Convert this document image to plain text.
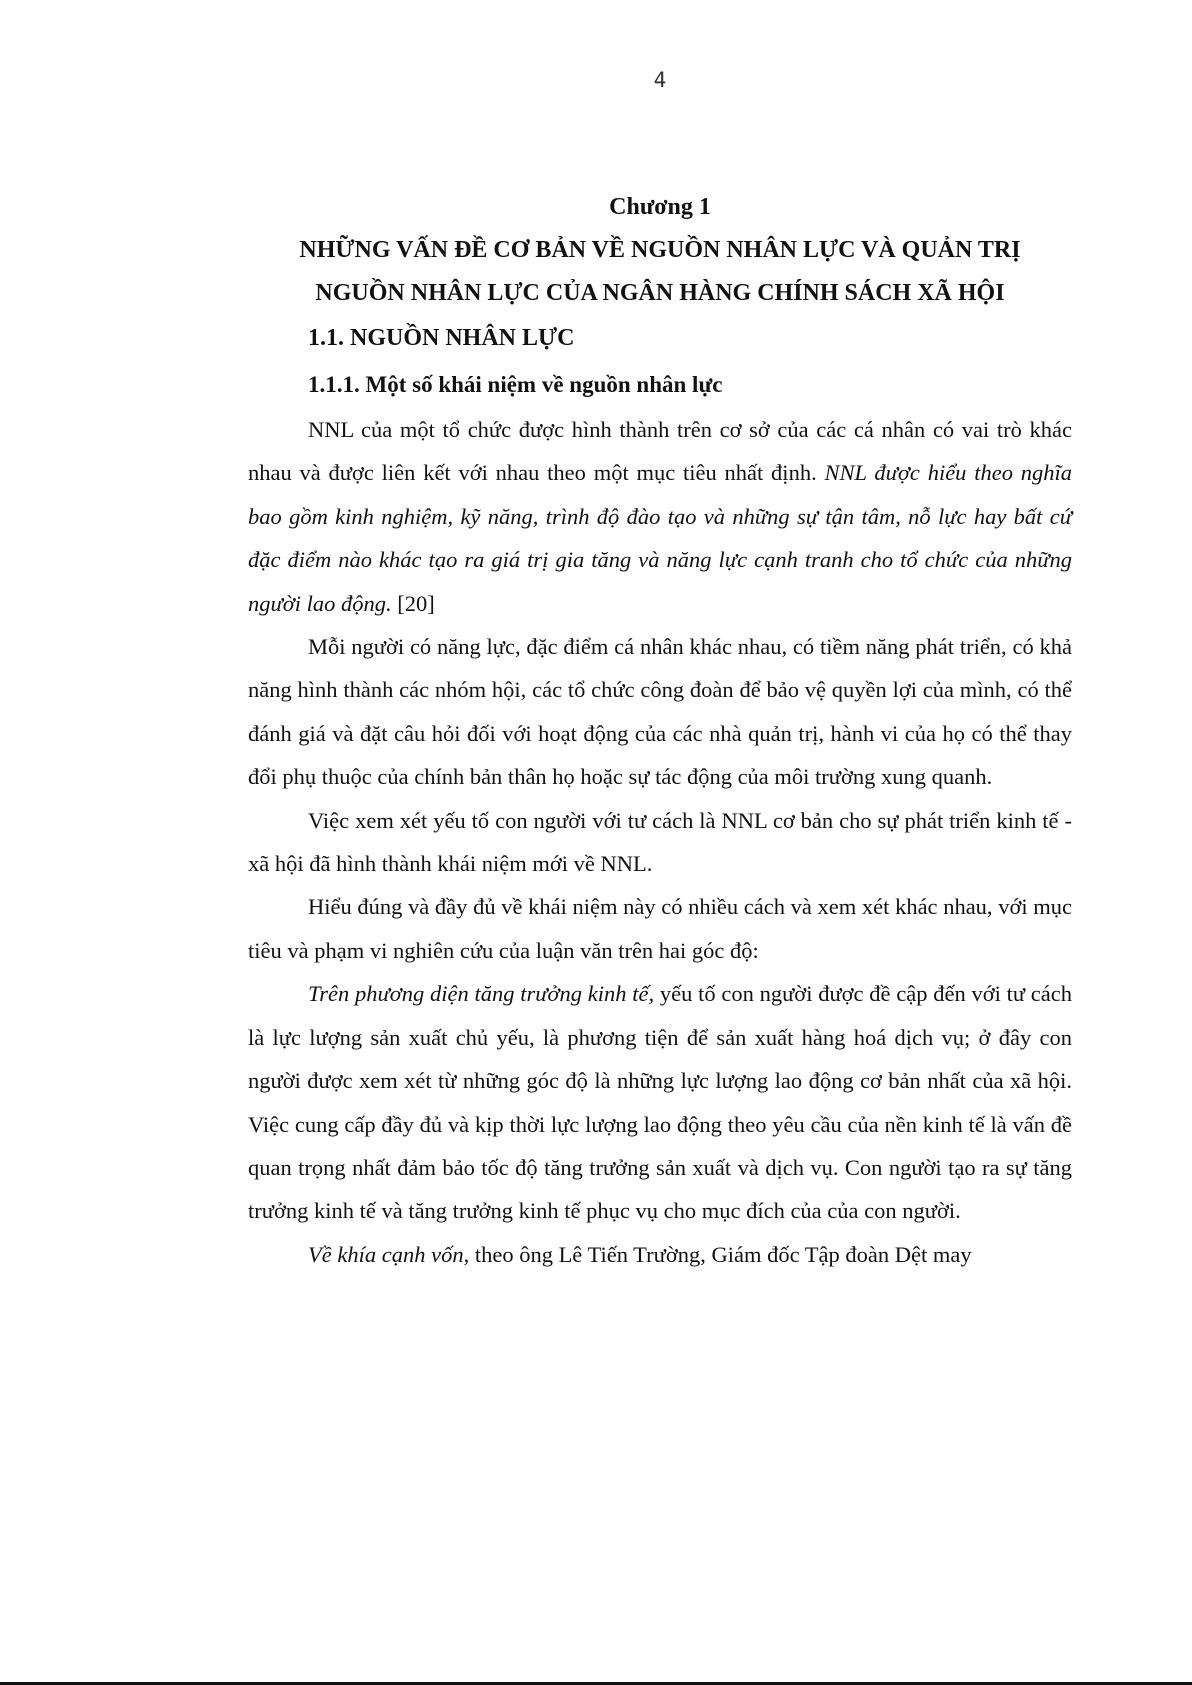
4

Chương 1

NHỮNG VẤN ĐỀ CƠ BẢN VỀ NGUỒN NHÂN LỰC VÀ QUẢN TRỊ

NGUỒN NHÂN LỰC CỦA NGÂN HÀNG CHÍNH SÁCH XÃ HỘI

1.1. NGUỒN NHÂN LỰC

1.1.1. Một số khái niệm về nguồn nhân lực

NNL của một tổ chức được hình thành trên cơ sở của các cá nhân có vai trò khác nhau và được liên kết với nhau theo một mục tiêu nhất định. NNL được hiểu theo nghĩa bao gồm kinh nghiệm, kỹ năng, trình độ đào tạo và những sự tận tâm, nỗ lực hay bất cứ đặc điểm nào khác tạo ra giá trị gia tăng và năng lực cạnh tranh cho tổ chức của những người lao động. [20]

Mỗi người có năng lực, đặc điểm cá nhân khác nhau, có tiềm năng phát triển, có khả năng hình thành các nhóm hội, các tổ chức công đoàn để bảo vệ quyền lợi của mình, có thể đánh giá và đặt câu hỏi đối với hoạt động của các nhà quản trị, hành vi của họ có thể thay đổi phụ thuộc của chính bản thân họ hoặc sự tác động của môi trường xung quanh.

Việc xem xét yếu tố con người với tư cách là NNL cơ bản cho sự phát triển kinh tế - xã hội đã hình thành khái niệm mới về NNL.

Hiểu đúng và đầy đủ về khái niệm này có nhiều cách và xem xét khác nhau, với mục tiêu và phạm vi nghiên cứu của luận văn trên hai góc độ:

Trên phương diện tăng trưởng kinh tế, yếu tố con người được đề cập đến với tư cách là lực lượng sản xuất chủ yếu, là phương tiện để sản xuất hàng hoá dịch vụ; ở đây con người được xem xét từ những góc độ là những lực lượng lao động cơ bản nhất của xã hội. Việc cung cấp đầy đủ và kịp thời lực lượng lao động theo yêu cầu của nền kinh tế là vấn đề quan trọng nhất đảm bảo tốc độ tăng trưởng sản xuất và dịch vụ. Con người tạo ra sự tăng trưởng kinh tế và tăng trưởng kinh tế phục vụ cho mục đích của của con người.

Về khía cạnh vốn, theo ông Lê Tiến Trường, Giám đốc Tập đoàn Dệt may
